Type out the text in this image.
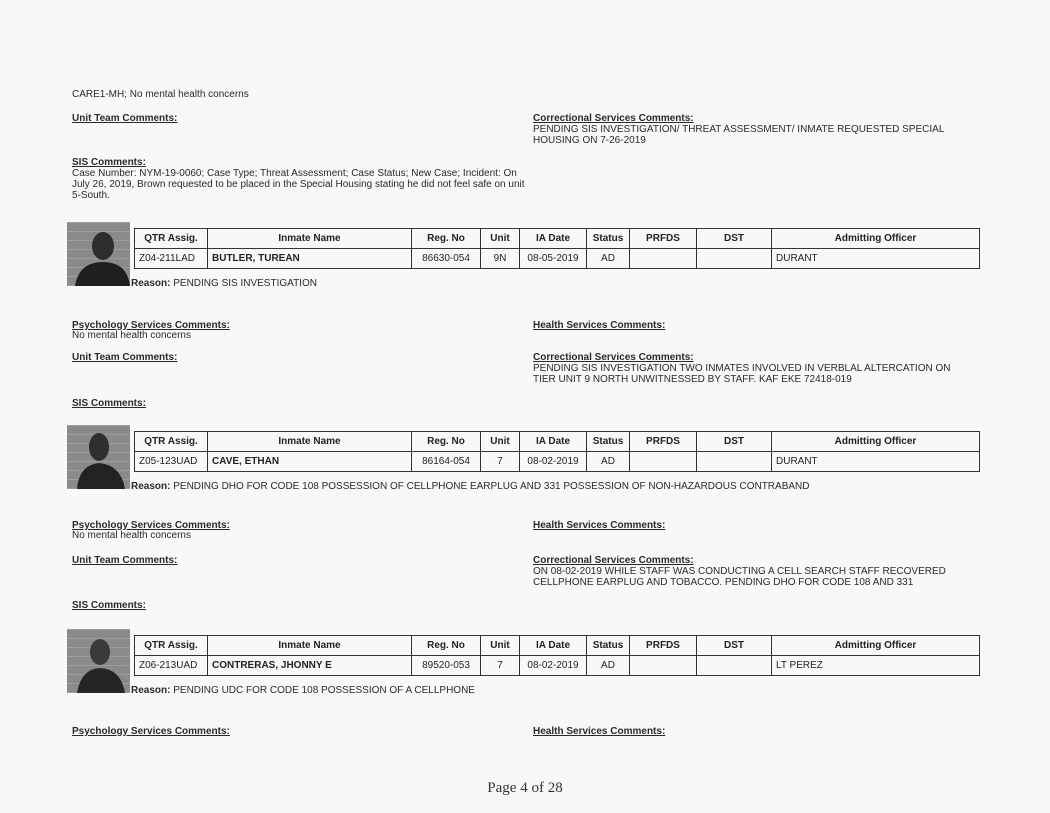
CARE1-MH; No mental health concerns
Unit Team Comments:	Correctional Services Comments:
PENDING SIS INVESTIGATION/ THREAT ASSESSMENT/ INMATE REQUESTED SPECIAL HOUSING ON 7-26-2019
SIS Comments:
Case Number: NYM-19-0060; Case Type; Threat Assessment; Case Status; New Case; Incident: On July 26, 2019, Brown requested to be placed in the Special Housing stating he did not feel safe on unit 5-South.
QTR Assig.	Inmate Name	Reg. No	Unit	IA Date	Status	PRFDS	DST	Admitting Officer
Z04-211LAD	BUTLER, TUREAN	86630-054	9N	08-05-2019	AD			DURANT
Reason: PENDING SIS INVESTIGATION
Psychology Services Comments:
No mental health concerns
Health Services Comments:
Unit Team Comments:	Correctional Services Comments:
PENDING SIS INVESTIGATION TWO INMATES INVOLVED IN VERBLAL ALTERCATION ON TIER UNIT 9 NORTH UNWITNESSED BY STAFF. KAF EKE 72418-019
SIS Comments:
QTR Assig.	Inmate Name	Reg. No	Unit	IA Date	Status	PRFDS	DST	Admitting Officer
Z05-123UAD	CAVE, ETHAN	86164-054	7	08-02-2019	AD			DURANT
Reason: PENDING DHO FOR CODE 108 POSSESSION OF CELLPHONE EARPLUG AND 331 POSSESSION OF NON-HAZARDOUS CONTRABAND
Psychology Services Comments:
No mental health concerns
Health Services Comments:
Unit Team Comments:	Correctional Services Comments:
ON 08-02-2019 WHILE STAFF WAS CONDUCTING A CELL SEARCH STAFF RECOVERED CELLPHONE EARPLUG AND TOBACCO. PENDING DHO FOR CODE 108 AND 331
SIS Comments:
QTR Assig.	Inmate Name	Reg. No	Unit	IA Date	Status	PRFDS	DST	Admitting Officer
Z06-213UAD	CONTRERAS, JHONNY E	89520-053	7	08-02-2019	AD			LT PEREZ
Reason: PENDING UDC FOR CODE 108 POSSESSION OF A CELLPHONE
Psychology Services Comments:	Health Services Comments:
Page 4 of 28
